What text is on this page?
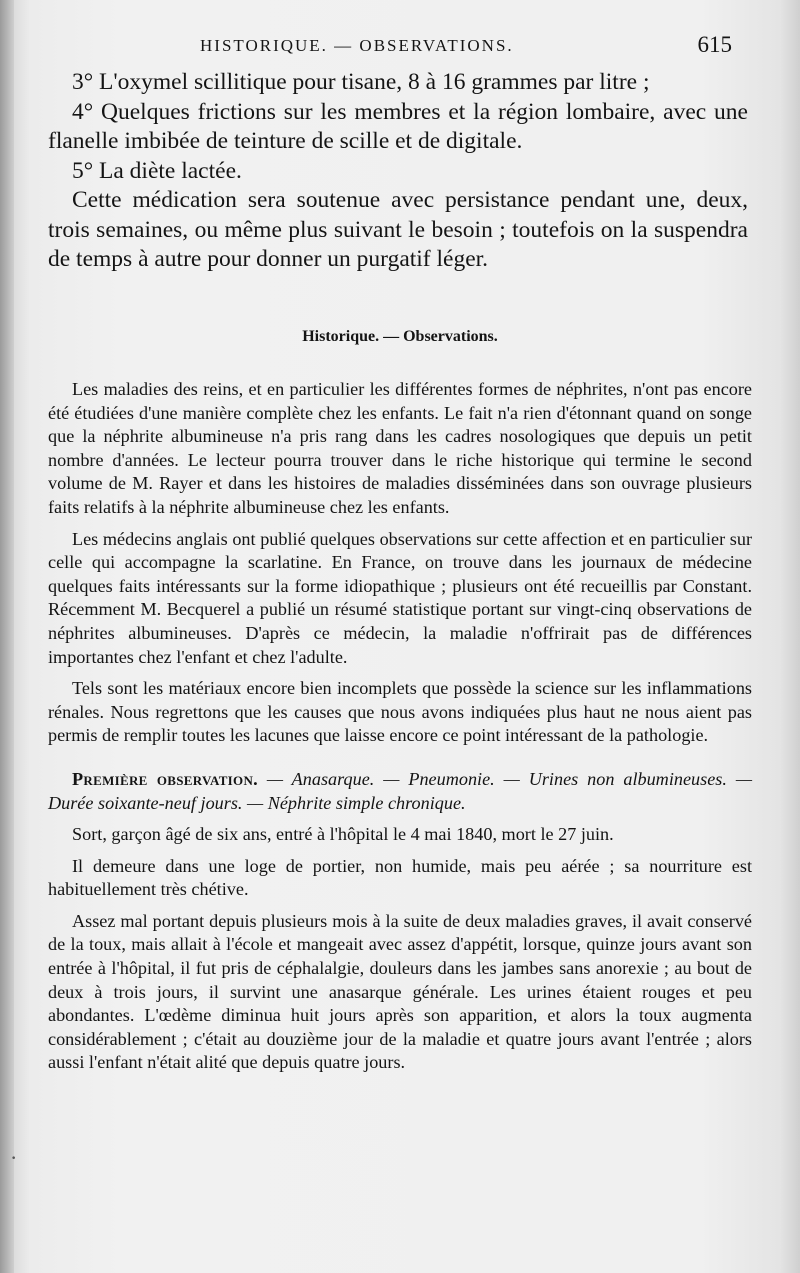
HISTORIQUE. — OBSERVATIONS.	615

3° L'oxymel scillitique pour tisane, 8 à 16 grammes par litre ;

4° Quelques frictions sur les membres et la région lombaire, avec une flanelle imbibée de teinture de scille et de digitale.

5° La diète lactée.

Cette médication sera soutenue avec persistance pendant une, deux, trois semaines, ou même plus suivant le besoin ; toutefois on la suspendra de temps à autre pour donner un purgatif léger.

Historique. — Observations.

Les maladies des reins, et en particulier les différentes formes de néphrites, n'ont pas encore été étudiées d'une manière complète chez les enfants. Le fait n'a rien d'étonnant quand on songe que la néphrite albumineuse n'a pris rang dans les cadres nosologiques que depuis un petit nombre d'années. Le lecteur pourra trouver dans le riche historique qui termine le second volume de M. Rayer et dans les histoires de maladies disséminées dans son ouvrage plusieurs faits relatifs à la néphrite albumineuse chez les enfants.

Les médecins anglais ont publié quelques observations sur cette affection et en particulier sur celle qui accompagne la scarlatine. En France, on trouve dans les journaux de médecine quelques faits intéressants sur la forme idiopathique ; plusieurs ont été recueillis par Constant. Récemment M. Becquerel a publié un résumé statistique portant sur vingt-cinq observations de néphrites albumineuses. D'après ce médecin, la maladie n'offrirait pas de différences importantes chez l'enfant et chez l'adulte.

Tels sont les matériaux encore bien incomplets que possède la science sur les inflammations rénales. Nous regrettons que les causes que nous avons indiquées plus haut ne nous aient pas permis de remplir toutes les lacunes que laisse encore ce point intéressant de la pathologie.

Première observation. — Anasarque. — Pneumonie. — Urines non albumineuses. — Durée soixante-neuf jours. — Néphrite simple chronique.

Sort, garçon âgé de six ans, entré à l'hôpital le 4 mai 1840, mort le 27 juin.

Il demeure dans une loge de portier, non humide, mais peu aérée ; sa nourriture est habituellement très chétive.

Assez mal portant depuis plusieurs mois à la suite de deux maladies graves, il avait conservé de la toux, mais allait à l'école et mangeait avec assez d'appétit, lorsque, quinze jours avant son entrée à l'hôpital, il fut pris de céphalalgie, douleurs dans les jambes sans anorexie ; au bout de deux à trois jours, il survint une anasarque générale. Les urines étaient rouges et peu abondantes. L'œdème diminua huit jours après son apparition, et alors la toux augmenta considérablement ; c'était au douzième jour de la maladie et quatre jours avant l'entrée ; alors aussi l'enfant n'était alité que depuis quatre jours.

·
